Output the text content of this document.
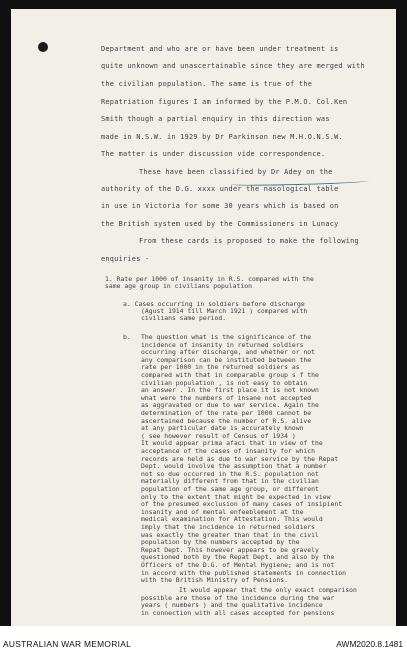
Department and who are or have been under treatment is
quite unknown and unascertainable since they are merged with
the civilian population. The same is true of the
Repatriation figures I am informed by the P.M.O. Col.Ken
Smith though a partial enquiry in this direction was
made in N.S.W. in 1929 by Dr Parkinson new M.H.O.N.S.W.
The matter is under discussion vide correspondence.
These have been classified by Dr Adey on the
authority of the D.G. xxxx under the nasological table
in use in Victoria for some 30 years which is based on
the British system used by the Commissioners in Lunacy
From these cards is proposed to make the following
enquiries -
1. Rate per 1000 of insanity in R.S. compared with the
same age group in civilians population
a. Cases occurring in soldiers before discharge
(Agust 1914 till March 1921 ) compared with
civilians same period.
b. The question what is the significance of the
incidence of insanity in returned soldiers
occurring after discharge, and whether or not
any comparison can be instituted between the
rate per 1000 in the returned soldiers as
compared with that in comparable group s f the
civilian population , is not easy to obtain
an answer . In the first place it is not known
what were the numbers of insane not accepted
as aggravated or due to war service. Again the
determination of the rate per 1000 cannot be
ascertained because the number of R.S. alive
at any particular date is accurately known
( see however result of Census of 1934 )
It would appear prima afaci that in view of the
acceptance of the cases of insanity for which
records are held as due to war service by the Repat
Dept. would involve the assumption that a number
not so due occurred in the R.S. population not
materially different from that in the civilian
population of the same age group, or different
only to the extent that might be expected in view
of the presumed exclusion of many cases of insipient
insanity and of mental enfeeblement at the
medical examination for Attestation. This would
imply that the incidence in returned soldiers
was exactly the greater than that in the civil
population by the numbers accepted by the
Repat Dept. This however appears to be gravely
questioned both by the Repat Dept. and also by the
Officers of the D.G. of Mental Hygiene; and is not
in accord with the published statements in connection
with the British Ministry of Pensions.
It would appear that the only exact comparison
possible are those of the incidence during the war
years ( numbers ) and the qualitative incidence
in connection with all cases accepted for pensions
AUSTRALIAN WAR MEMORIAL	AWM2020.8.1481
